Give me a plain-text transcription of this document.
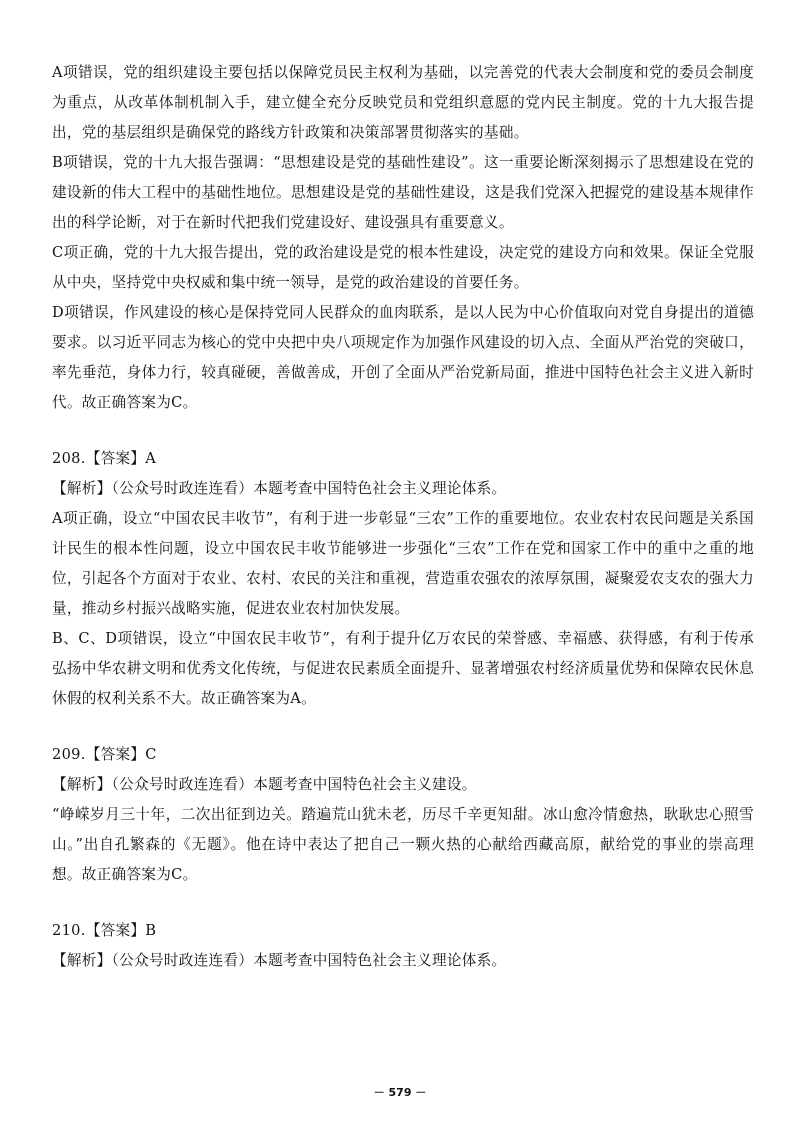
A项错误，党的组织建设主要包括以保障党员民主权利为基础，以完善党的代表大会制度和党的委员会制度为重点，从改革体制机制入手，建立健全充分反映党员和党组织意愿的党内民主制度。党的十九大报告提出，党的基层组织是确保党的路线方针政策和决策部署贯彻落实的基础。

B项错误，党的十九大报告强调：“思想建设是党的基础性建设”。这一重要论断深刻揭示了思想建设在党的建设新的伟大工程中的基础性地位。思想建设是党的基础性建设，这是我们党深入把握党的建设基本规律作出的科学论断，对于在新时代把我们党建设好、建设强具有重要意义。

C项正确，党的十九大报告提出，党的政治建设是党的根本性建设，决定党的建设方向和效果。保证全党服从中央，坚持党中央权威和集中统一领导，是党的政治建设的首要任务。

D项错误，作风建设的核心是保持党同人民群众的血肉联系，是以人民为中心价值取向对党自身提出的道德要求。以习近平同志为核心的党中央把中央八项规定作为加强作风建设的切入点、全面从严治党的突破口，率先垂范，身体力行，较真碰硬，善做善成，开创了全面从严治党新局面，推进中国特色社会主义进入新时代。故正确答案为C。

208.【答案】A

【解析】（公众号时政连连看）本题考查中国特色社会主义理论体系。

A项正确，设立“中国农民丰收节”，有利于进一步彰显“三农”工作的重要地位。农业农村农民问题是关系国计民生的根本性问题，设立中国农民丰收节能够进一步强化“三农”工作在党和国家工作中的重中之重的地位，引起各个方面对于农业、农村、农民的关注和重视，营造重农强农的浓厚氛围，凝聚爱农支农的强大力量，推动乡村振兴战略实施，促进农业农村加快发展。

B、C、D项错误，设立“中国农民丰收节”，有利于提升亿万农民的荣誉感、幸福感、获得感，有利于传承弘扬中华农耕文明和优秀文化传统，与促进农民素质全面提升、显著增强农村经济质量优势和保障农民休息休假的权利关系不大。故正确答案为A。

209.【答案】C

【解析】（公众号时政连连看）本题考查中国特色社会主义建设。

“峥嵘岁月三十年，二次出征到边关。踏遍荒山犹未老，历尽千辛更知甜。冰山愈冷情愈热，耿耿忠心照雪山。”出自孔繁森的《无题》。他在诗中表达了把自己一颗火热的心献给西藏高原，献给党的事业的崇高理想。故正确答案为C。

210.【答案】B

【解析】（公众号时政连连看）本题考查中国特色社会主义理论体系。

－ 579 －
